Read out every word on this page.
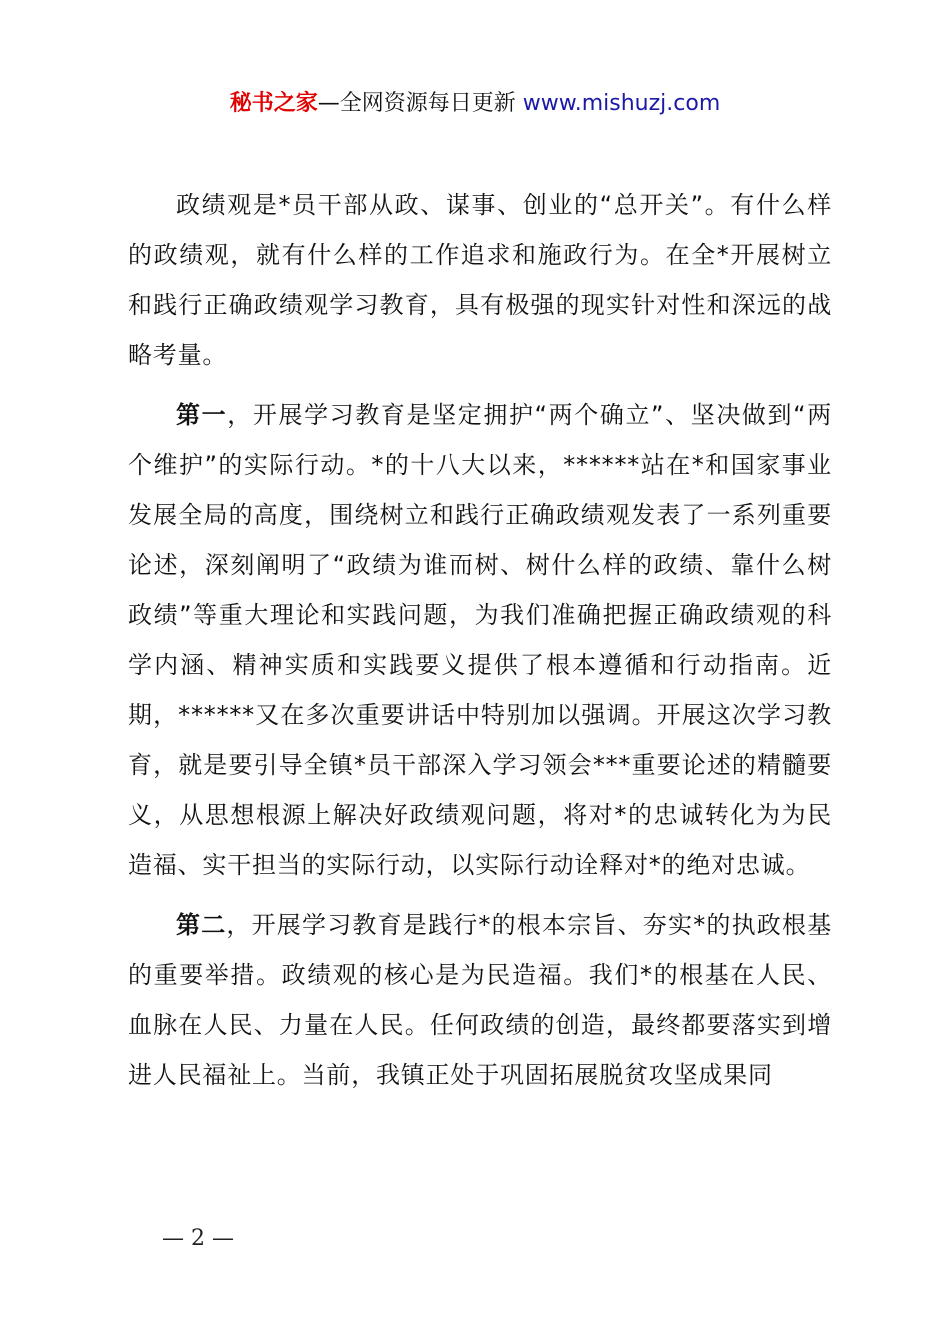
秘书之家—全网资源每日更新 www.mishuzj.com

政绩观是*员干部从政、谋事、创业的“总开关”。有什么样的政绩观，就有什么样的工作追求和施政行为。在全*开展树立和践行正确政绩观学习教育，具有极强的现实针对性和深远的战略考量。

第一，开展学习教育是坚定拥护“两个确立”、坚决做到“两个维护”的实际行动。*的十八大以来，******站在*和国家事业发展全局的高度，围绕树立和践行正确政绩观发表了一系列重要论述，深刻阐明了“政绩为谁而树、树什么样的政绩、靠什么树政绩”等重大理论和实践问题，为我们准确把握正确政绩观的科学内涵、精神实质和实践要义提供了根本遵循和行动指南。近期，******又在多次重要讲话中特别加以强调。开展这次学习教育，就是要引导全镇*员干部深入学习领会***重要论述的精髓要义，从思想根源上解决好政绩观问题，将对*的忠诚转化为为民造福、实干担当的实际行动，以实际行动诠释对*的绝对忠诚。

第二，开展学习教育是践行*的根本宗旨、夯实*的执政根基的重要举措。政绩观的核心是为民造福。我们*的根基在人民、血脉在人民、力量在人民。任何政绩的创造，最终都要落实到增进人民福祉上。当前，我镇正处于巩固拓展脱贫攻坚成果同

— 2 —
